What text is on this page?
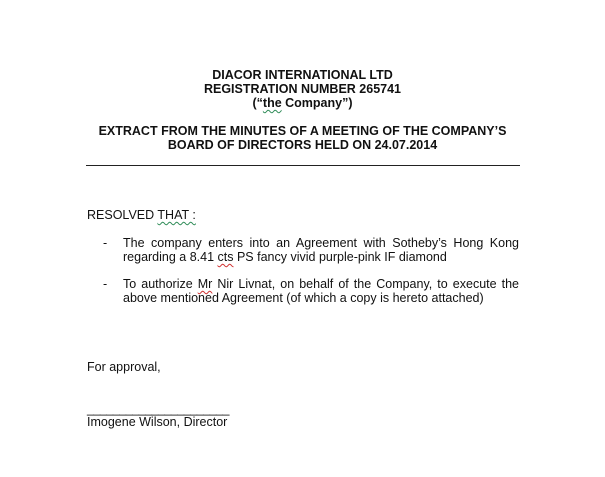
DIACOR INTERNATIONAL LTD
REGISTRATION NUMBER 265741
(“the Company”)
EXTRACT FROM THE MINUTES OF A MEETING OF THE COMPANY’S
BOARD OF DIRECTORS HELD ON 24.07.2014
RESOLVED THAT :
- The company enters into an Agreement with Sotheby’s Hong Kong
regarding a 8.41 cts PS fancy vivid purple-pink IF diamond
- To authorize Mr Nir Livnat, on behalf of the Company, to execute the
above mentioned Agreement (of which a copy is hereto attached)
For approval,
______________________
Imogene Wilson, Director
